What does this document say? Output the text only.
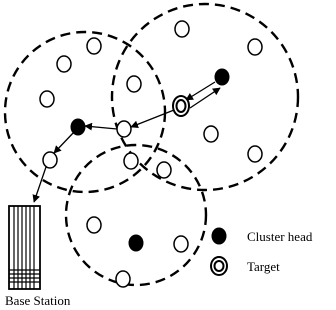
Cluster head
Target
Base Station
